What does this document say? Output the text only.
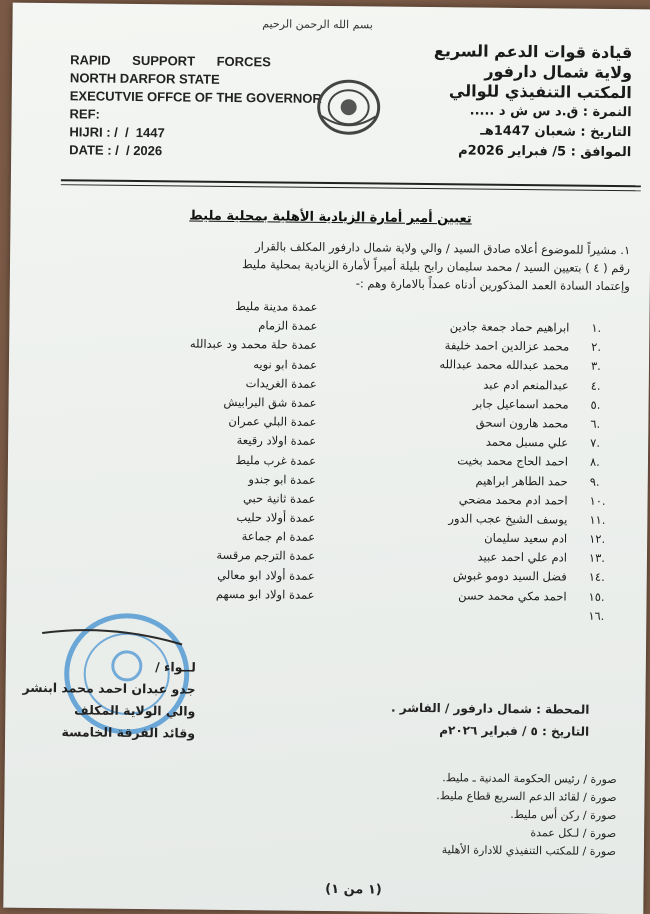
بسم الله الرحمن الرحيم
RAPID SUPPORT FORCES
NORTH DARFOR STATE
EXECUTVIE OFFCE OF THE GOVERNOR
REF:
HIJRI : /  /  1447
DATE : /  / 2026
قيادة قوات الدعم السريع
ولاية شمال دارفور
المكتب التنفيذي للوالي
النمرة : ق.د س ش د .....
التاريخ : شعبان 1447هـ
الموافق : 5/ فبراير 2026م
تعيين أمير أمارة الزيادية الأهلية بمحلية مليط
١. مشيراً للموضوع أعلاه صادق السيد / والي ولاية شمال دارفور المكلف بالقرار
رقم ( ٤ ) بتعيين السيد / محمد سليمان رابح بليلة أميراً لأمارة الزيادية بمحلية مليط
وإعتماد السادة العمد المذكورين أدناه عمداً بالامارة وهم :-
ابراهيم حماد جمعة جادين .١
محمد عزالدين احمد خليفة .٢
محمد عبدالله محمد عبدالله .٣
عبدالمنعم ادم عبد .٤
محمد اسماعيل جابر .٥
محمد هارون اسحق .٦
علي مسبل محمد .٧
احمد الحاج محمد بخيت .٨
حمد الطاهر ابراهيم .٩
احمد ادم محمد مضحي .١٠
يوسف الشيخ عجب الدور .١١
ادم سعيد سليمان .١٢
ادم علي احمد عبيد .١٣
فضل السيد دومو غبوش .١٤
احمد مكي محمد حسن .١٥
.١٦
عمدة مدينة مليط
عمدة الزمام
عمدة حلة محمد ود عبدالله
عمدة ابو نويه
عمدة الغريدات
عمدة شق البرابيش
عمدة البلي عمران
عمدة اولاد رقيعة
عمدة غرب مليط
عمدة ابو جندو
عمدة ثانية حبي
عمدة أولاد حليب
عمدة ام جماعة
عمدة الترجم مرقسة
عمدة أولاد ابو معالي
عمدة اولاد ابو مسهم
لــواء /
جدو عبدان احمد محمد ابنشر
والي الولاية المكلف
وقائد الفرقة الخامسة
المحطة : شمال دارفور / الفاشر .
التاريخ : ٥ / فبراير ٢٠٢٦م
صورة / رئيس الحكومة المدنية ـ مليط.
صورة / لقائد الدعم السريع قطاع مليط.
صورة / ركن أس مليط.
صورة / لـكل عمدة
صورة / للمكتب التنفيذي للادارة الأهلية
(١ من ١)
